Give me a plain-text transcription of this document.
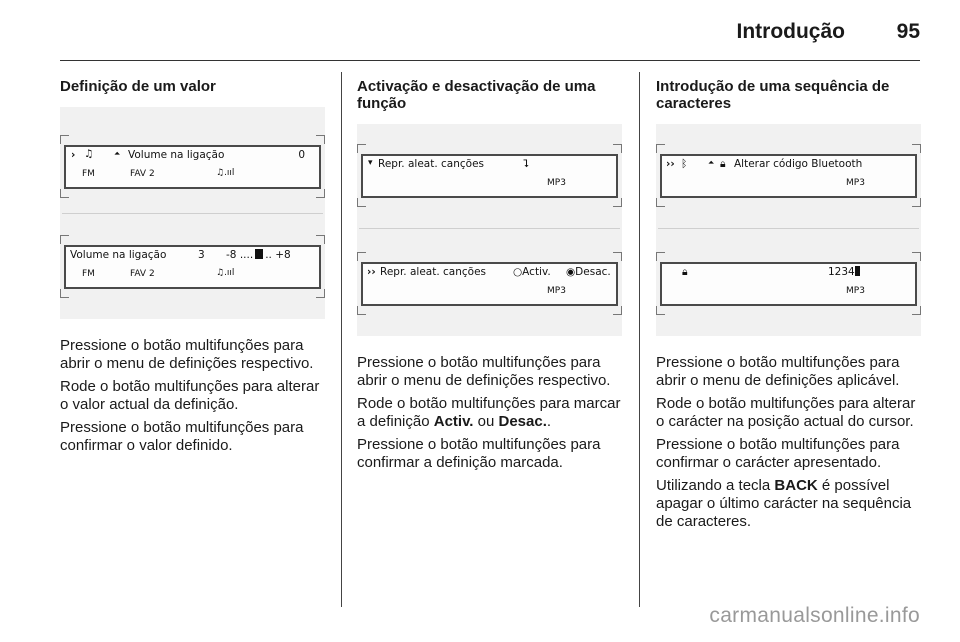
Introdução 95

Definição de um valor

› ♫	⏶ Volume na ligação	0
FM	FAV 2	♫.ııl
Volume na ligação	3 -8 .... .. +8
FM	FAV 2	♫.ııl

Pressione o botão multifunções para abrir o menu de definições respectivo.

Rode o botão multifunções para alterar o valor actual da definição.

Pressione o botão multifunções para confirmar o valor definido.

Activação e desactivação de uma função

▾ Repr. aleat. canções	⮧
MP3
›› Repr. aleat. canções	○Activ. ◉Desac.
MP3

Pressione o botão multifunções para abrir o menu de definições respectivo.

Rode o botão multifunções para marcar a definição Activ. ou Desac..

Pressione o botão multifunções para confirmar a definição marcada.

Introdução de uma sequência de caracteres

›› ᛒ	⏶ 🔒︎ Alterar código Bluetooth
MP3
🔒︎	1234
MP3

Pressione o botão multifunções para abrir o menu de definições aplicável.

Rode o botão multifunções para alterar o carácter na posição actual do cursor.

Pressione o botão multifunções para confirmar o carácter apresentado.

Utilizando a tecla BACK é possível apagar o último carácter na sequência de caracteres.

carmanualsonline.info
